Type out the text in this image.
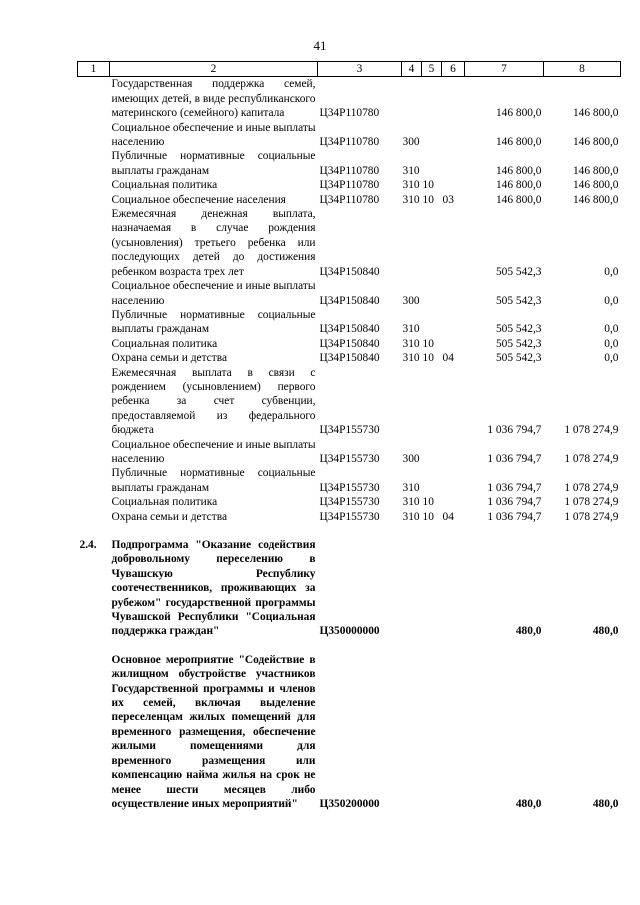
41
1	2	3	4	5	6	7	8
	Государственная поддержка семей, имеющих детей, в виде республиканского материнского (семейного) капитала	Ц34P110780				146 800,0	146 800,0
	Социальное обеспечение и иные выплаты населению	Ц34P110780	300			146 800,0	146 800,0
	Публичные нормативные социальные выплаты гражданам	Ц34P110780	310			146 800,0	146 800,0
	Социальная политика	Ц34P110780	310	10		146 800,0	146 800,0
	Социальное обеспечение населения	Ц34P110780	310	10	03	146 800,0	146 800,0
	Ежемесячная денежная выплата, назначаемая в случае рождения (усыновления) третьего ребенка или последующих детей до достижения ребенком возраста трех лет	Ц34P150840				505 542,3	0,0
	Социальное обеспечение и иные выплаты населению	Ц34P150840	300			505 542,3	0,0
	Публичные нормативные социальные выплаты гражданам	Ц34P150840	310			505 542,3	0,0
	Социальная политика	Ц34P150840	310	10		505 542,3	0,0
	Охрана семьи и детства	Ц34P150840	310	10	04	505 542,3	0,0
	Ежемесячная выплата в связи с рождением (усыновлением) первого ребенка за счет субвенции, предоставляемой из федерального бюджета	Ц34P155730				1 036 794,7	1 078 274,9
	Социальное обеспечение и иные выплаты населению	Ц34P155730	300			1 036 794,7	1 078 274,9
	Публичные нормативные социальные выплаты гражданам	Ц34P155730	310			1 036 794,7	1 078 274,9
	Социальная политика	Ц34P155730	310	10		1 036 794,7	1 078 274,9
	Охрана семьи и детства	Ц34P155730	310	10	04	1 036 794,7	1 078 274,9

2.4.	Подпрограмма "Оказание содействия добровольному переселению в Чувашскую Республику соотечественников, проживающих за рубежом" государственной программы Чувашской Республики "Социальная поддержка граждан"	Ц350000000				480,0	480,0

	Основное мероприятие "Содействие в жилищном обустройстве участников Государственной программы и членов их семей, включая выделение переселенцам жилых помещений для временного размещения, обеспечение жилыми помещениями для временного размещения или компенсацию найма жилья на срок не менее шести месяцев либо осуществление иных мероприятий"	Ц350200000				480,0	480,0
